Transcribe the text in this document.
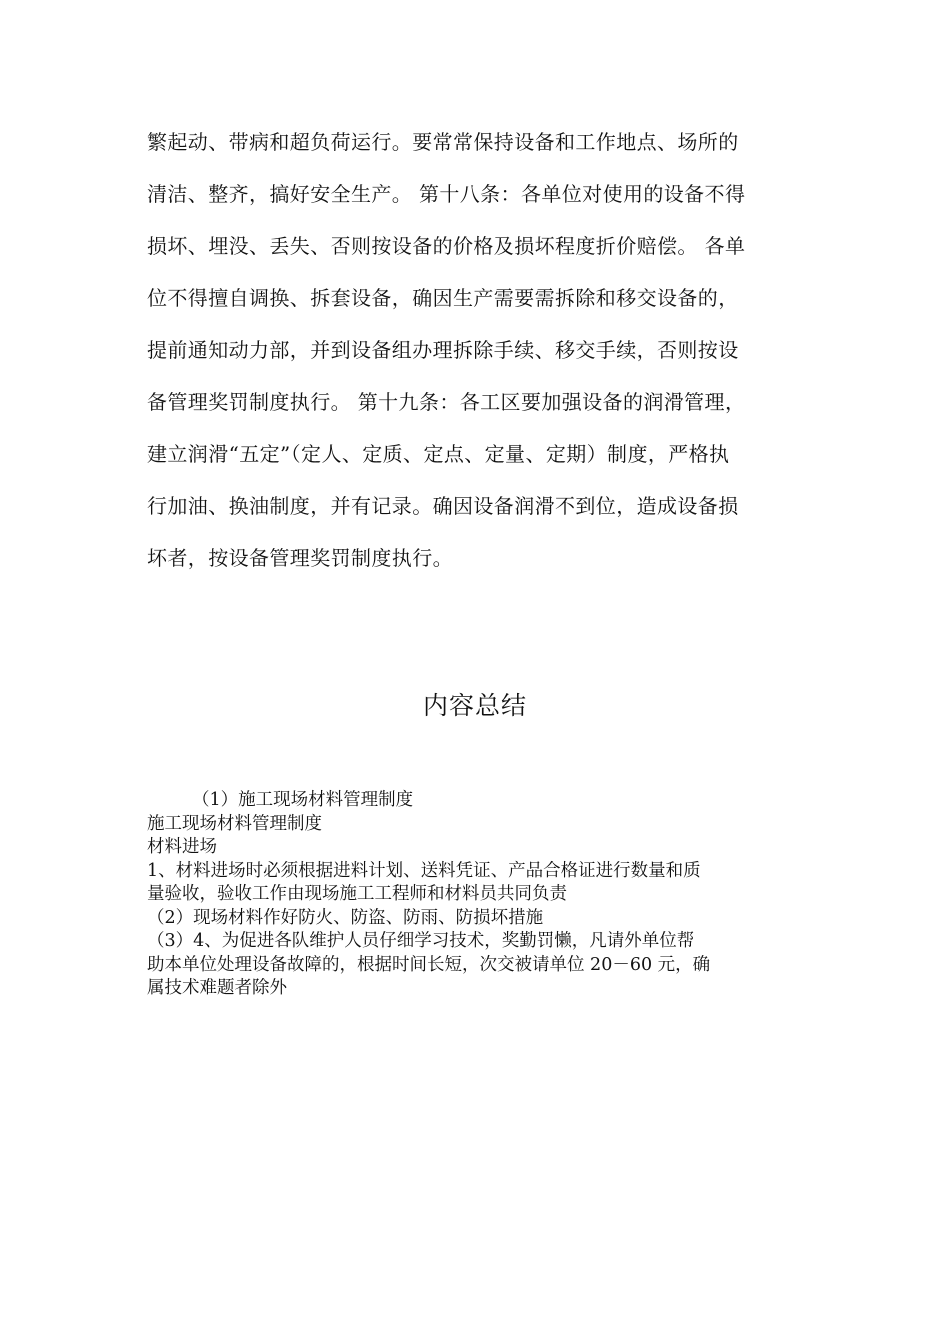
繁起动、带病和超负荷运行。要常常保持设备和工作地点、场所的
清洁、整齐，搞好安全生产。 第十八条：各单位对使用的设备不得
损坏、埋没、丢失、否则按设备的价格及损坏程度折价赔偿。 各单
位不得擅自调换、拆套设备，确因生产需要需拆除和移交设备的，
提前通知动力部，并到设备组办理拆除手续、移交手续，否则按设
备管理奖罚制度执行。 第十九条：各工区要加强设备的润滑管理，
建立润滑“五定”（定人、定质、定点、定量、定期）制度，严格执
行加油、换油制度，并有记录。确因设备润滑不到位，造成设备损
坏者，按设备管理奖罚制度执行。
内容总结
（1）施工现场材料管理制度
施工现场材料管理制度
材料进场
1、材料进场时必须根据进料计划、送料凭证、产品合格证进行数量和质
量验收，验收工作由现场施工工程师和材料员共同负责
（2）现场材料作好防火、防盗、防雨、防损坏措施
（3）4、为促进各队维护人员仔细学习技术，奖勤罚懒，凡请外单位帮
助本单位处理设备故障的，根据时间长短，次交被请单位 20－60 元，确
属技术难题者除外
